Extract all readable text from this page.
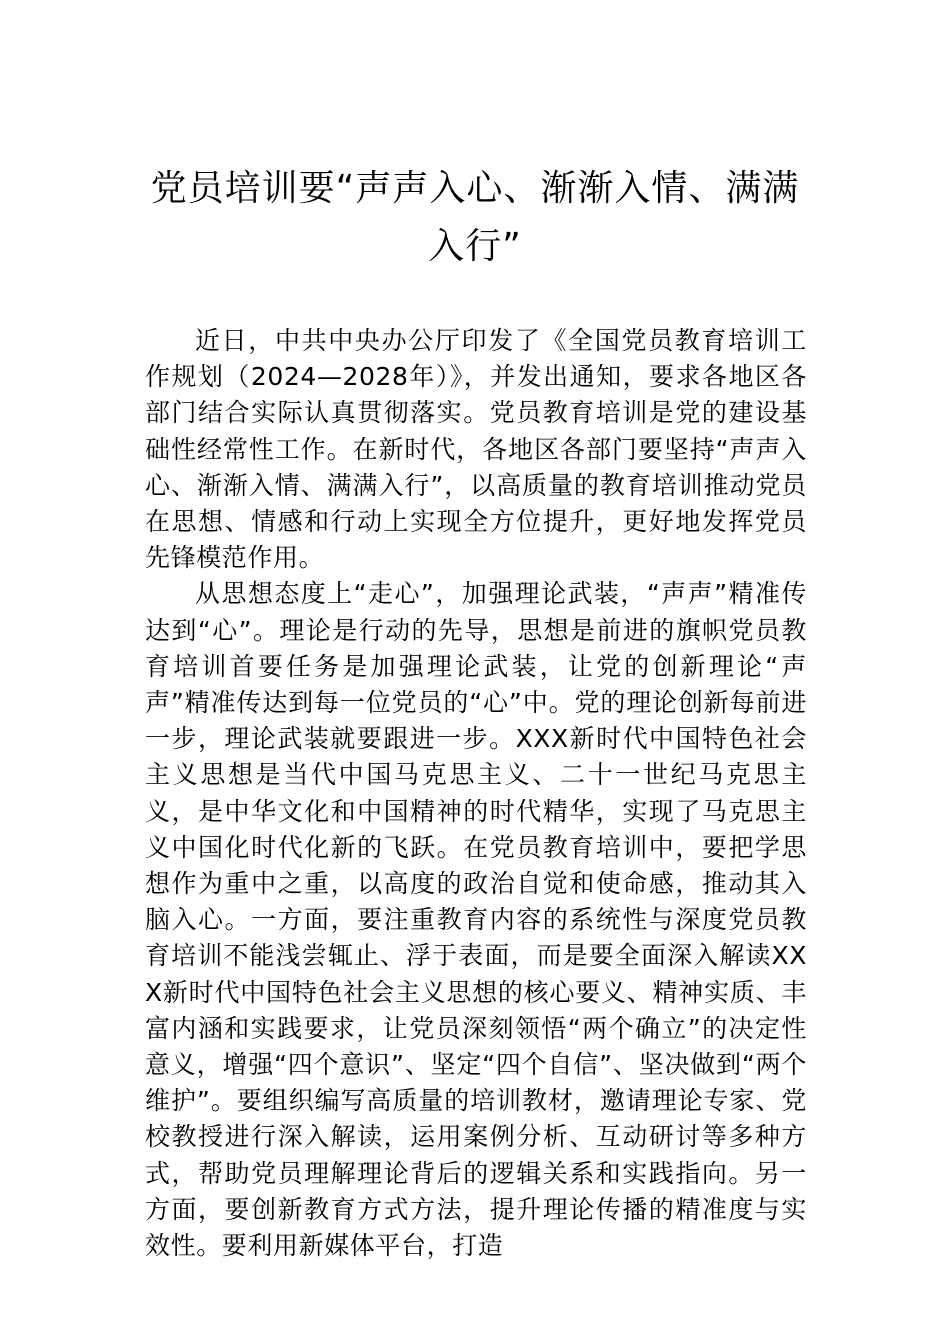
党员培训要“声声入心、渐渐入情、满满入行”

近日，中共中央办公厅印发了《全国党员教育培训工作规划（2024—2028年）》，并发出通知，要求各地区各部门结合实际认真贯彻落实。党员教育培训是党的建设基础性经常性工作。在新时代，各地区各部门要坚持“声声入心、渐渐入情、满满入行”，以高质量的教育培训推动党员在思想、情感和行动上实现全方位提升，更好地发挥党员先锋模范作用。

从思想态度上“走心”，加强理论武装，“声声”精准传达到“心”。理论是行动的先导，思想是前进的旗帜党员教育培训首要任务是加强理论武装，让党的创新理论“声声”精准传达到每一位党员的“心”中。党的理论创新每前进一步，理论武装就要跟进一步。XXX新时代中国特色社会主义思想是当代中国马克思主义、二十一世纪马克思主义，是中华文化和中国精神的时代精华，实现了马克思主义中国化时代化新的飞跃。在党员教育培训中，要把学思想作为重中之重，以高度的政治自觉和使命感，推动其入脑入心。一方面，要注重教育内容的系统性与深度党员教育培训不能浅尝辄止、浮于表面，而是要全面深入解读XXX新时代中国特色社会主义思想的核心要义、精神实质、丰富内涵和实践要求，让党员深刻领悟“两个确立”的决定性意义，增强“四个意识”、坚定“四个自信”、坚决做到“两个维护”。要组织编写高质量的培训教材，邀请理论专家、党校教授进行深入解读，运用案例分析、互动研讨等多种方式，帮助党员理解理论背后的逻辑关系和实践指向。另一方面，要创新教育方式方法，提升理论传播的精准度与实效性。要利用新媒体平台，打造
